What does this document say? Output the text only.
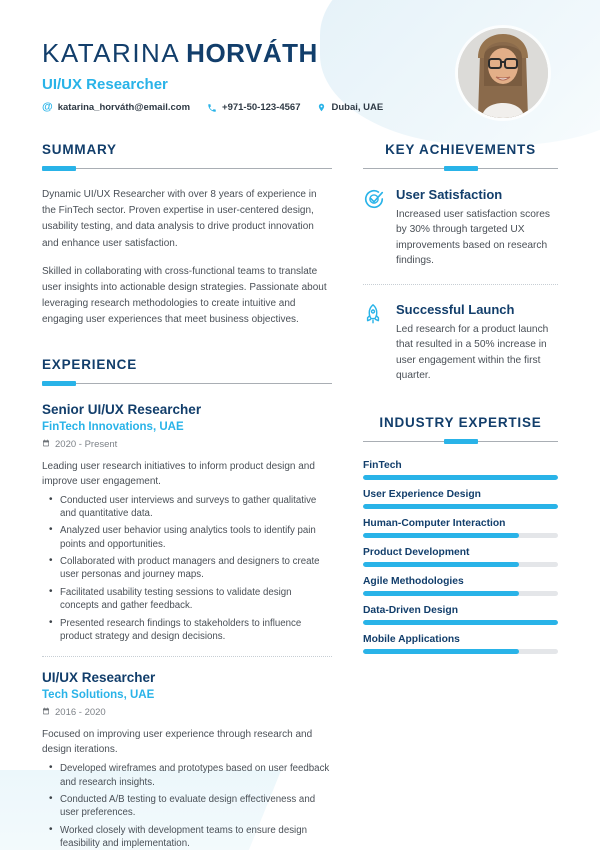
KATARINA HORVÁTH
UI/UX Researcher
@ katarina_horváth@email.com	+971-50-123-4567	Dubai, UAE
SUMMARY

Dynamic UI/UX Researcher with over 8 years of experience in the FinTech sector. Proven expertise in user-centered design, usability testing, and data analysis to drive product innovation and enhance user satisfaction.

Skilled in collaborating with cross-functional teams to translate user insights into actionable design strategies. Passionate about leveraging research methodologies to create intuitive and engaging user experiences that meet business objectives.

EXPERIENCE
Senior UI/UX Researcher
FinTech Innovations, UAE
2020 - Present
Leading user research initiatives to inform product design and improve user engagement.
• Conducted user interviews and surveys to gather qualitative and quantitative data.
• Analyzed user behavior using analytics tools to identify pain points and opportunities.
• Collaborated with product managers and designers to create user personas and journey maps.
• Facilitated usability testing sessions to validate design concepts and gather feedback.
• Presented research findings to stakeholders to influence product strategy and design decisions.
UI/UX Researcher
Tech Solutions, UAE
2016 - 2020
Focused on improving user experience through research and design iterations.
• Developed wireframes and prototypes based on user feedback and research insights.
• Conducted A/B testing to evaluate design effectiveness and user preferences.
• Worked closely with development teams to ensure design feasibility and implementation.
KEY ACHIEVEMENTS
User Satisfaction
Increased user satisfaction scores by 30% through targeted UX improvements based on research findings.
Successful Launch
Led research for a product launch that resulted in a 50% increase in user engagement within the first quarter.
INDUSTRY EXPERTISE
FinTech
User Experience Design
Human-Computer Interaction
Product Development
Agile Methodologies
Data-Driven Design
Mobile Applications
